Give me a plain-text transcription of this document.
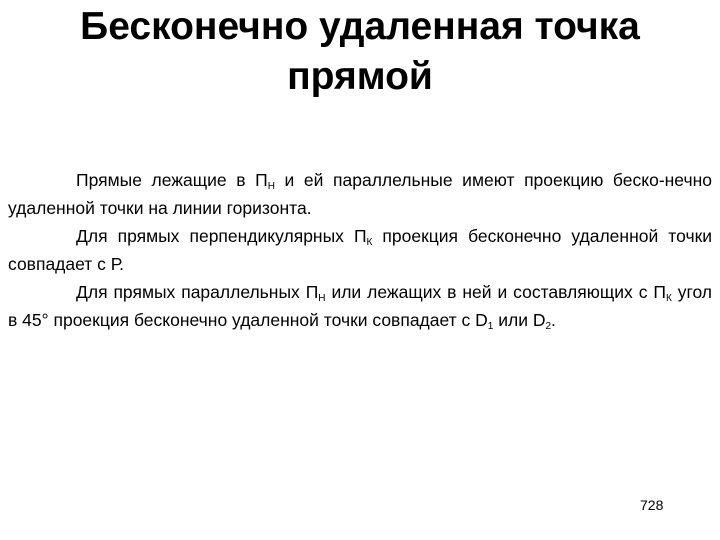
Бесконечно удаленная точка
прямой

Прямые лежащие в $П_Н$ и ей параллельные имеют проекцию беско-нечно удаленной точки на линии горизонта.

Для прямых перпендикулярных $П_К$ проекция бесконечно удаленной точки совпадает с Р.

Для прямых параллельных $П_Н$ или лежащих в ней и составляющих с $П_К$ угол в 45° проекция бесконечно удаленной точки совпадает с $D_1$ или $D_2$.

728
